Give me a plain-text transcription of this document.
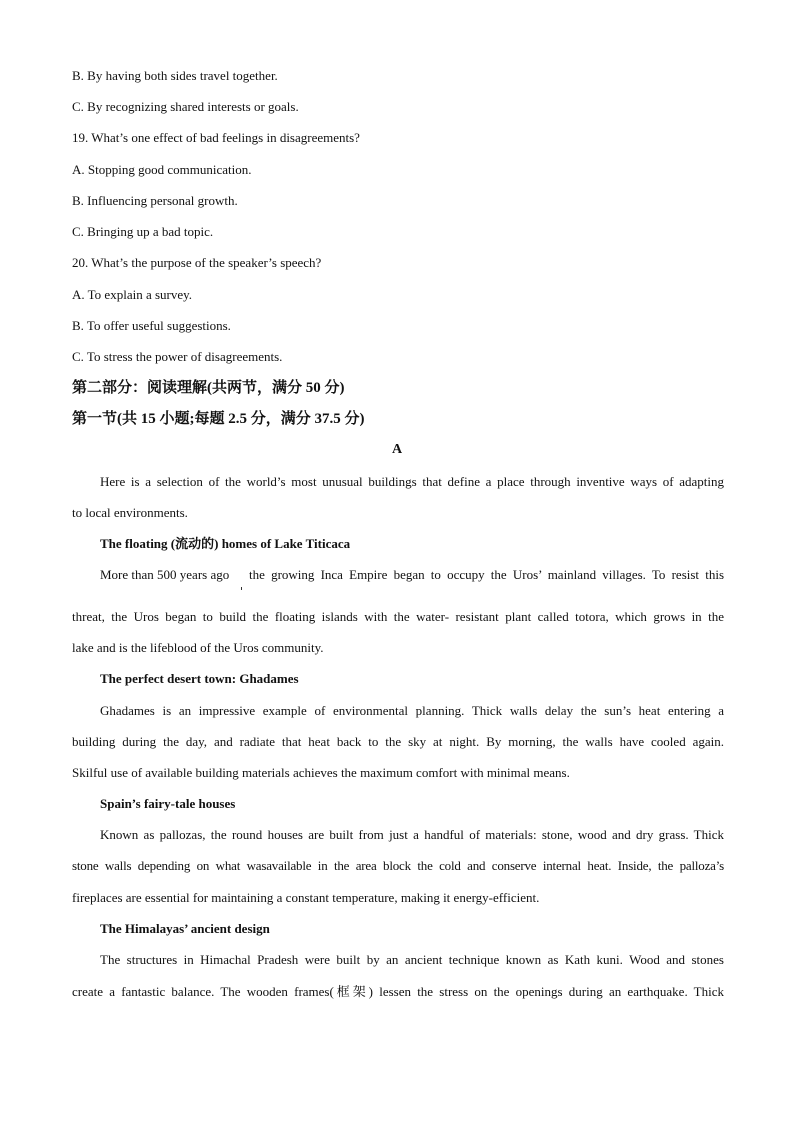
B. By having both sides travel together.
C. By recognizing shared interests or goals.
19. What’s one effect of bad feelings in disagreements?
A. Stopping good communication.
B. Influencing personal growth.
C. Bringing up a bad topic.
20. What’s the purpose of the speaker’s speech?
A. To explain a survey.
B. To offer useful suggestions.
C. To stress the power of disagreements.
第二部分：阅读理解(共两节，满分 50 分)
第一节(共 15 小题;每题 2.5 分，满分 37.5 分)
A
Here is a selection of the world’s most unusual buildings that define a place through inventive ways of adapting
to local environments.
The floating (流动的) homes of Lake Titicaca
More than 500 years ago	the growing Inca Empire began to occupy the Uros’ mainland villages. To resist this
threat, the Uros began to build the floating islands with the water- resistant plant called totora, which grows in the
lake and is the lifeblood of the Uros community.
The perfect desert town: Ghadames
Ghadames is an impressive example of environmental planning. Thick walls delay the sun’s heat entering a
building during the day, and radiate that heat back to the sky at night. By morning, the walls have cooled again.
Skilful use of available building materials achieves the maximum comfort with minimal means.
Spain’s fairy-tale houses
Known as pallozas, the round houses are built from just a handful of materials: stone, wood and dry grass. Thick
stone walls depending on what wasavailable in the area block the cold and conserve internal heat. Inside, the palloza’s
fireplaces are essential for maintaining a constant temperature, making it energy-efficient.
The Himalayas’ ancient design
The structures in Himachal Pradesh were built by an ancient technique known as Kath kuni. Wood and stones
create a fantastic balance. The wooden frames(框架) lessen the stress on the openings during an earthquake. Thick
